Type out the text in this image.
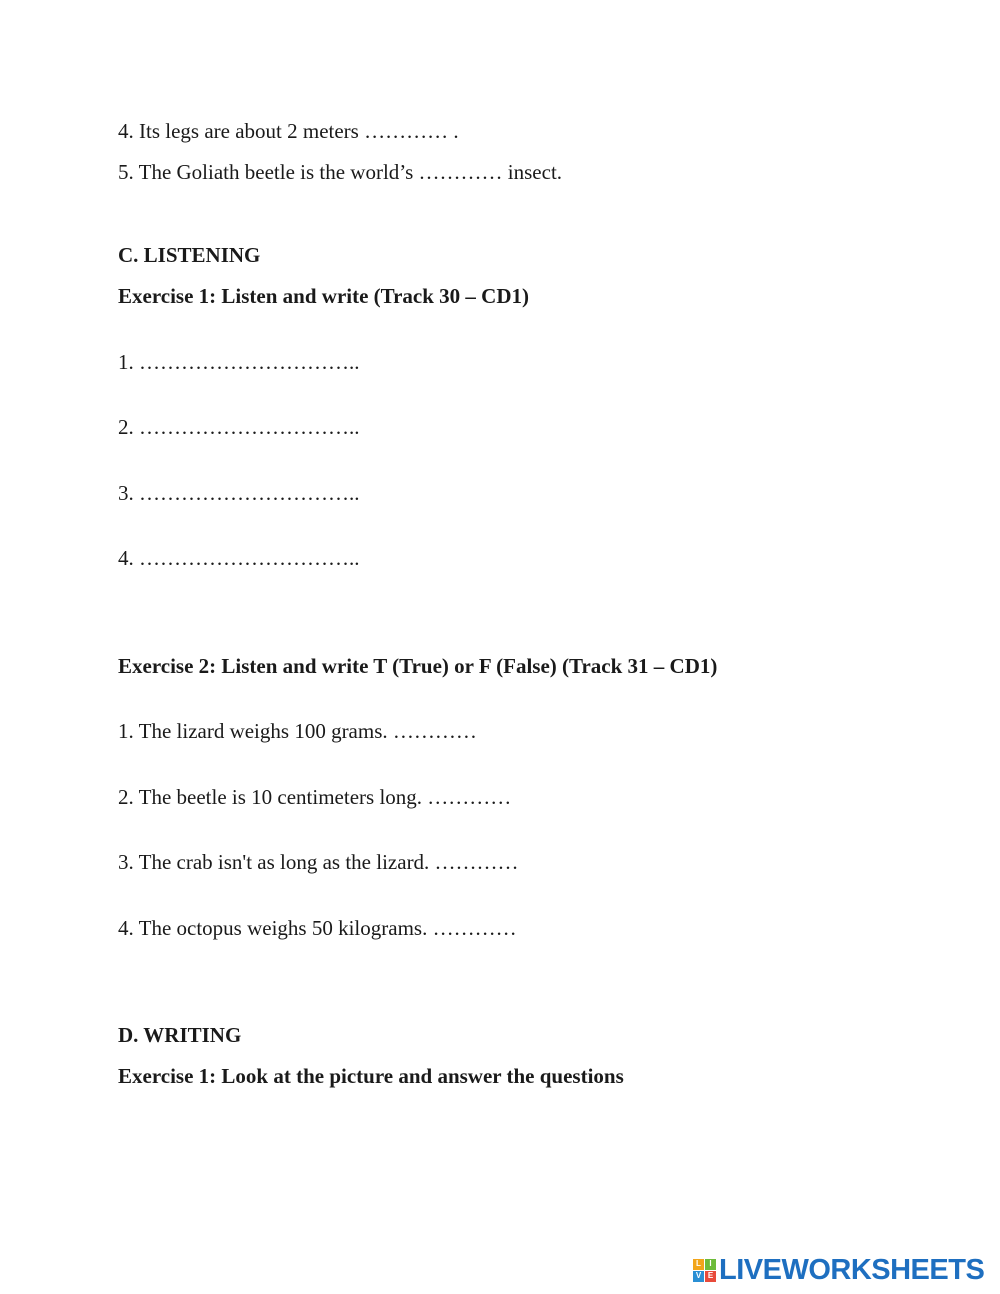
4. Its legs are about 2 meters ………… .
5. The Goliath beetle is the world’s ………… insect.
C. LISTENING
Exercise 1: Listen and write (Track 30 – CD1)
1. …………………………..
2. …………………………..
3. …………………………..
4. …………………………..
Exercise 2: Listen and write T (True) or F (False) (Track 31 – CD1)
1. The lizard weighs 100 grams. …………
2. The beetle is 10 centimeters long. …………
3. The crab isn't as long as the lizard. …………
4. The octopus weighs 50 kilograms. …………
D. WRITING
Exercise 1: Look at the picture and answer the questions
L	I
V E LIVEWORKSHEETS
